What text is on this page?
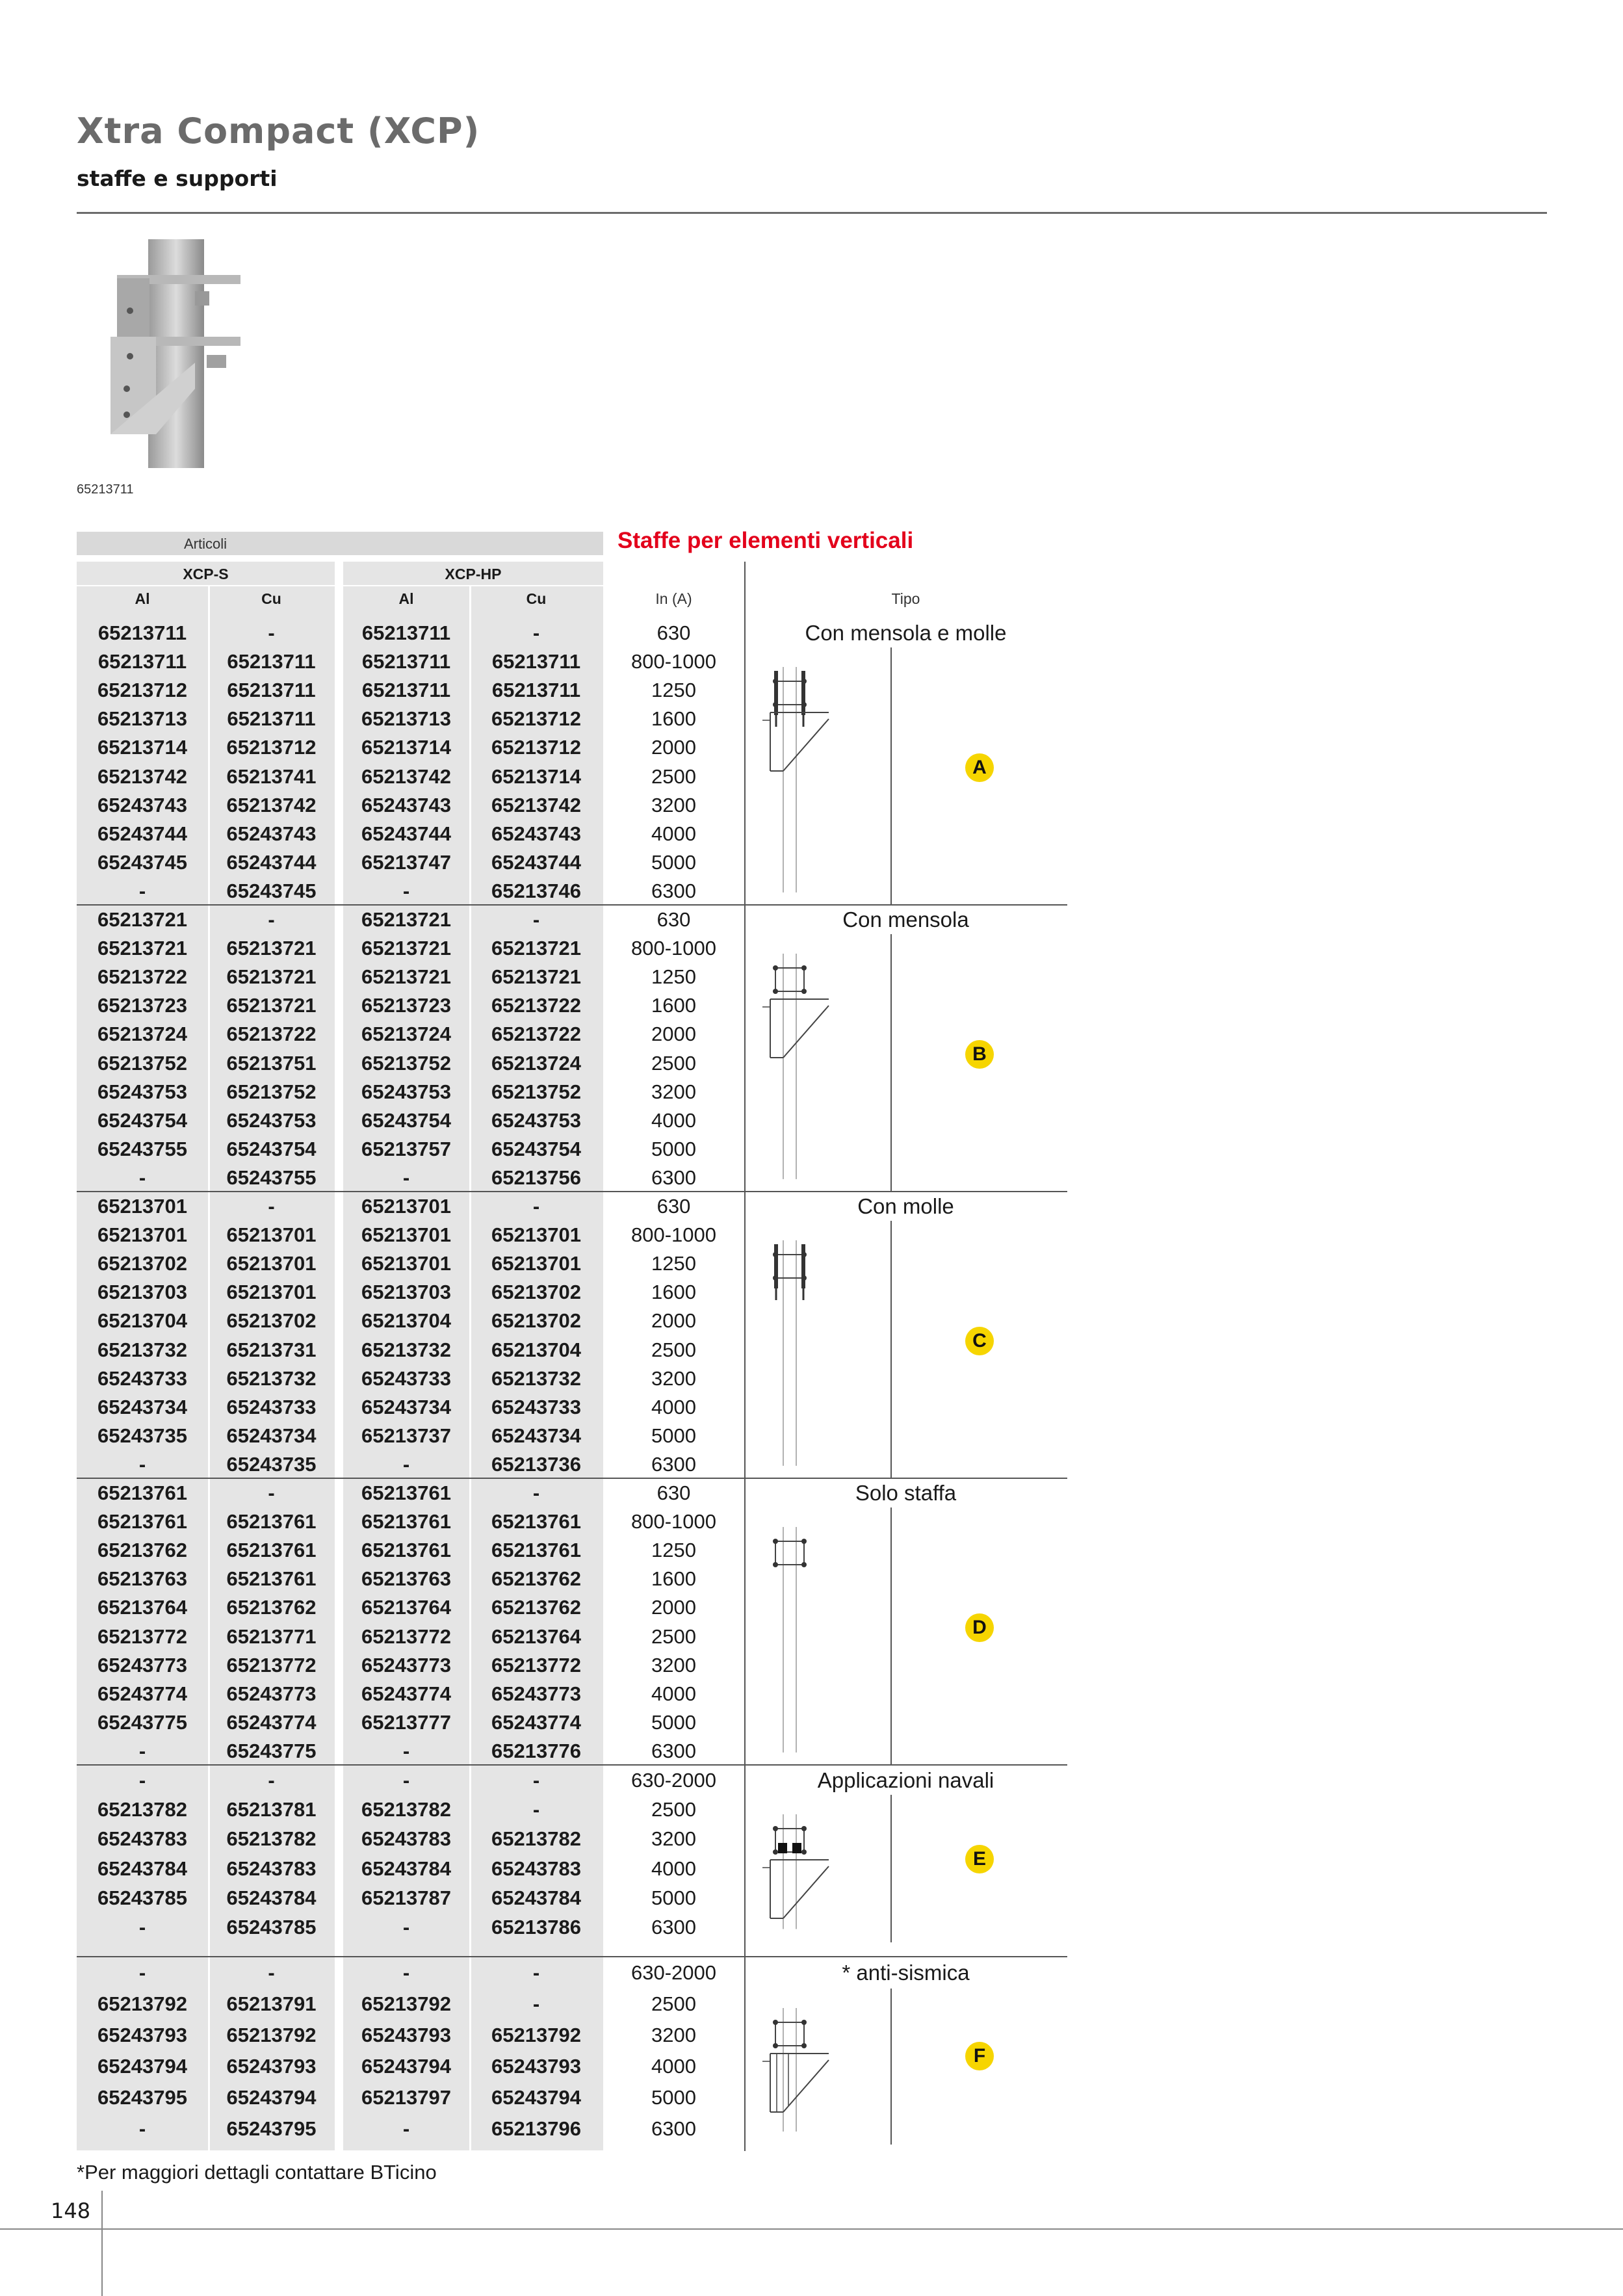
Xtra Compact (XCP)
staffe e supporti
65213711
Articoli	Staffe per elementi verticali
XCP-S	XCP-HP
Al	Cu	Al	Cu	In (A)	Tipo
65213711	-	65213711	-	630
65213711	65213711	65213711	65213711	800-1000
65213712	65213711	65213711	65213711	1250
65213713	65213711	65213713	65213712	1600
65213714	65213712	65213714	65213712	2000
65213742	65213741	65213742	65213714	2500
65243743	65213742	65243743	65213742	3200
65243744	65243743	65243744	65243743	4000
65243745	65243744	65213747	65243744	5000
-	65243745	-	65213746	6300
Con mensola e molle
A
65213721	-	65213721	-	630
65213721	65213721	65213721	65213721	800-1000
65213722	65213721	65213721	65213721	1250
65213723	65213721	65213723	65213722	1600
65213724	65213722	65213724	65213722	2000
65213752	65213751	65213752	65213724	2500
65243753	65213752	65243753	65213752	3200
65243754	65243753	65243754	65243753	4000
65243755	65243754	65213757	65243754	5000
-	65243755	-	65213756	6300
Con mensola
B
65213701	-	65213701	-	630
65213701	65213701	65213701	65213701	800-1000
65213702	65213701	65213701	65213701	1250
65213703	65213701	65213703	65213702	1600
65213704	65213702	65213704	65213702	2000
65213732	65213731	65213732	65213704	2500
65243733	65213732	65243733	65213732	3200
65243734	65243733	65243734	65243733	4000
65243735	65243734	65213737	65243734	5000
-	65243735	-	65213736	6300
Con molle
C
65213761	-	65213761	-	630
65213761	65213761	65213761	65213761	800-1000
65213762	65213761	65213761	65213761	1250
65213763	65213761	65213763	65213762	1600
65213764	65213762	65213764	65213762	2000
65213772	65213771	65213772	65213764	2500
65243773	65213772	65243773	65213772	3200
65243774	65243773	65243774	65243773	4000
65243775	65243774	65213777	65243774	5000
-	65243775	-	65213776	6300
Solo staffa
D
-	-	-	-	630-2000
65213782	65213781	65213782	-	2500
65243783	65213782	65243783	65213782	3200
65243784	65243783	65243784	65243783	4000
65243785	65243784	65213787	65243784	5000
-	65243785	-	65213786	6300
Applicazioni navali
E
-	-	-	-	630-2000
65213792	65213791	65213792	-	2500
65243793	65213792	65243793	65213792	3200
65243794	65243793	65243794	65243793	4000
65243795	65243794	65213797	65243794	5000
-	65243795	-	65213796	6300
* anti-sismica
F
*Per maggiori dettagli contattare BTicino
148
